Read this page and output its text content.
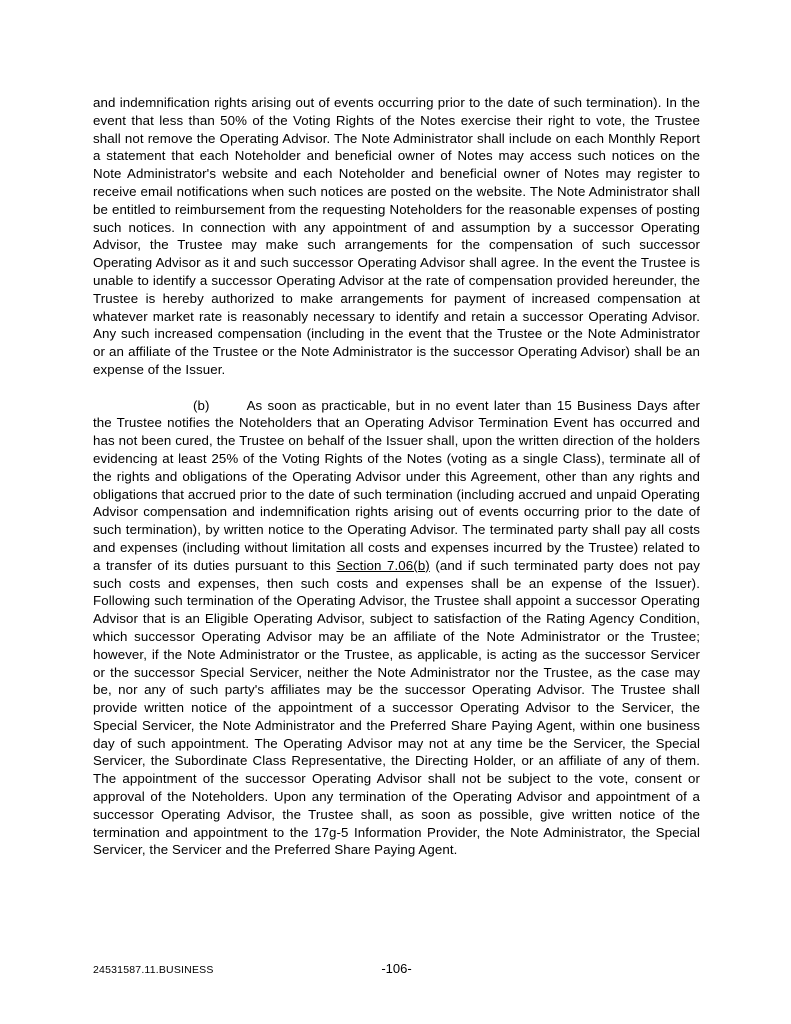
and indemnification rights arising out of events occurring prior to the date of such termination). In the event that less than 50% of the Voting Rights of the Notes exercise their right to vote, the Trustee shall not remove the Operating Advisor. The Note Administrator shall include on each Monthly Report a statement that each Noteholder and beneficial owner of Notes may access such notices on the Note Administrator's website and each Noteholder and beneficial owner of Notes may register to receive email notifications when such notices are posted on the website. The Note Administrator shall be entitled to reimbursement from the requesting Noteholders for the reasonable expenses of posting such notices. In connection with any appointment of and assumption by a successor Operating Advisor, the Trustee may make such arrangements for the compensation of such successor Operating Advisor as it and such successor Operating Advisor shall agree. In the event the Trustee is unable to identify a successor Operating Advisor at the rate of compensation provided hereunder, the Trustee is hereby authorized to make arrangements for payment of increased compensation at whatever market rate is reasonably necessary to identify and retain a successor Operating Advisor. Any such increased compensation (including in the event that the Trustee or the Note Administrator or an affiliate of the Trustee or the Note Administrator is the successor Operating Advisor) shall be an expense of the Issuer.

(b)	As soon as practicable, but in no event later than 15 Business Days after the Trustee notifies the Noteholders that an Operating Advisor Termination Event has occurred and has not been cured, the Trustee on behalf of the Issuer shall, upon the written direction of the holders evidencing at least 25% of the Voting Rights of the Notes (voting as a single Class), terminate all of the rights and obligations of the Operating Advisor under this Agreement, other than any rights and obligations that accrued prior to the date of such termination (including accrued and unpaid Operating Advisor compensation and indemnification rights arising out of events occurring prior to the date of such termination), by written notice to the Operating Advisor. The terminated party shall pay all costs and expenses (including without limitation all costs and expenses incurred by the Trustee) related to a transfer of its duties pursuant to this Section 7.06(b) (and if such terminated party does not pay such costs and expenses, then such costs and expenses shall be an expense of the Issuer). Following such termination of the Operating Advisor, the Trustee shall appoint a successor Operating Advisor that is an Eligible Operating Advisor, subject to satisfaction of the Rating Agency Condition, which successor Operating Advisor may be an affiliate of the Note Administrator or the Trustee; however, if the Note Administrator or the Trustee, as applicable, is acting as the successor Servicer or the successor Special Servicer, neither the Note Administrator nor the Trustee, as the case may be, nor any of such party's affiliates may be the successor Operating Advisor. The Trustee shall provide written notice of the appointment of a successor Operating Advisor to the Servicer, the Special Servicer, the Note Administrator and the Preferred Share Paying Agent, within one business day of such appointment. The Operating Advisor may not at any time be the Servicer, the Special Servicer, the Subordinate Class Representative, the Directing Holder, or an affiliate of any of them. The appointment of the successor Operating Advisor shall not be subject to the vote, consent or approval of the Noteholders. Upon any termination of the Operating Advisor and appointment of a successor Operating Advisor, the Trustee shall, as soon as possible, give written notice of the termination and appointment to the 17g-5 Information Provider, the Note Administrator, the Special Servicer, the Servicer and the Preferred Share Paying Agent.

24531587.11.BUSINESS	-106-
